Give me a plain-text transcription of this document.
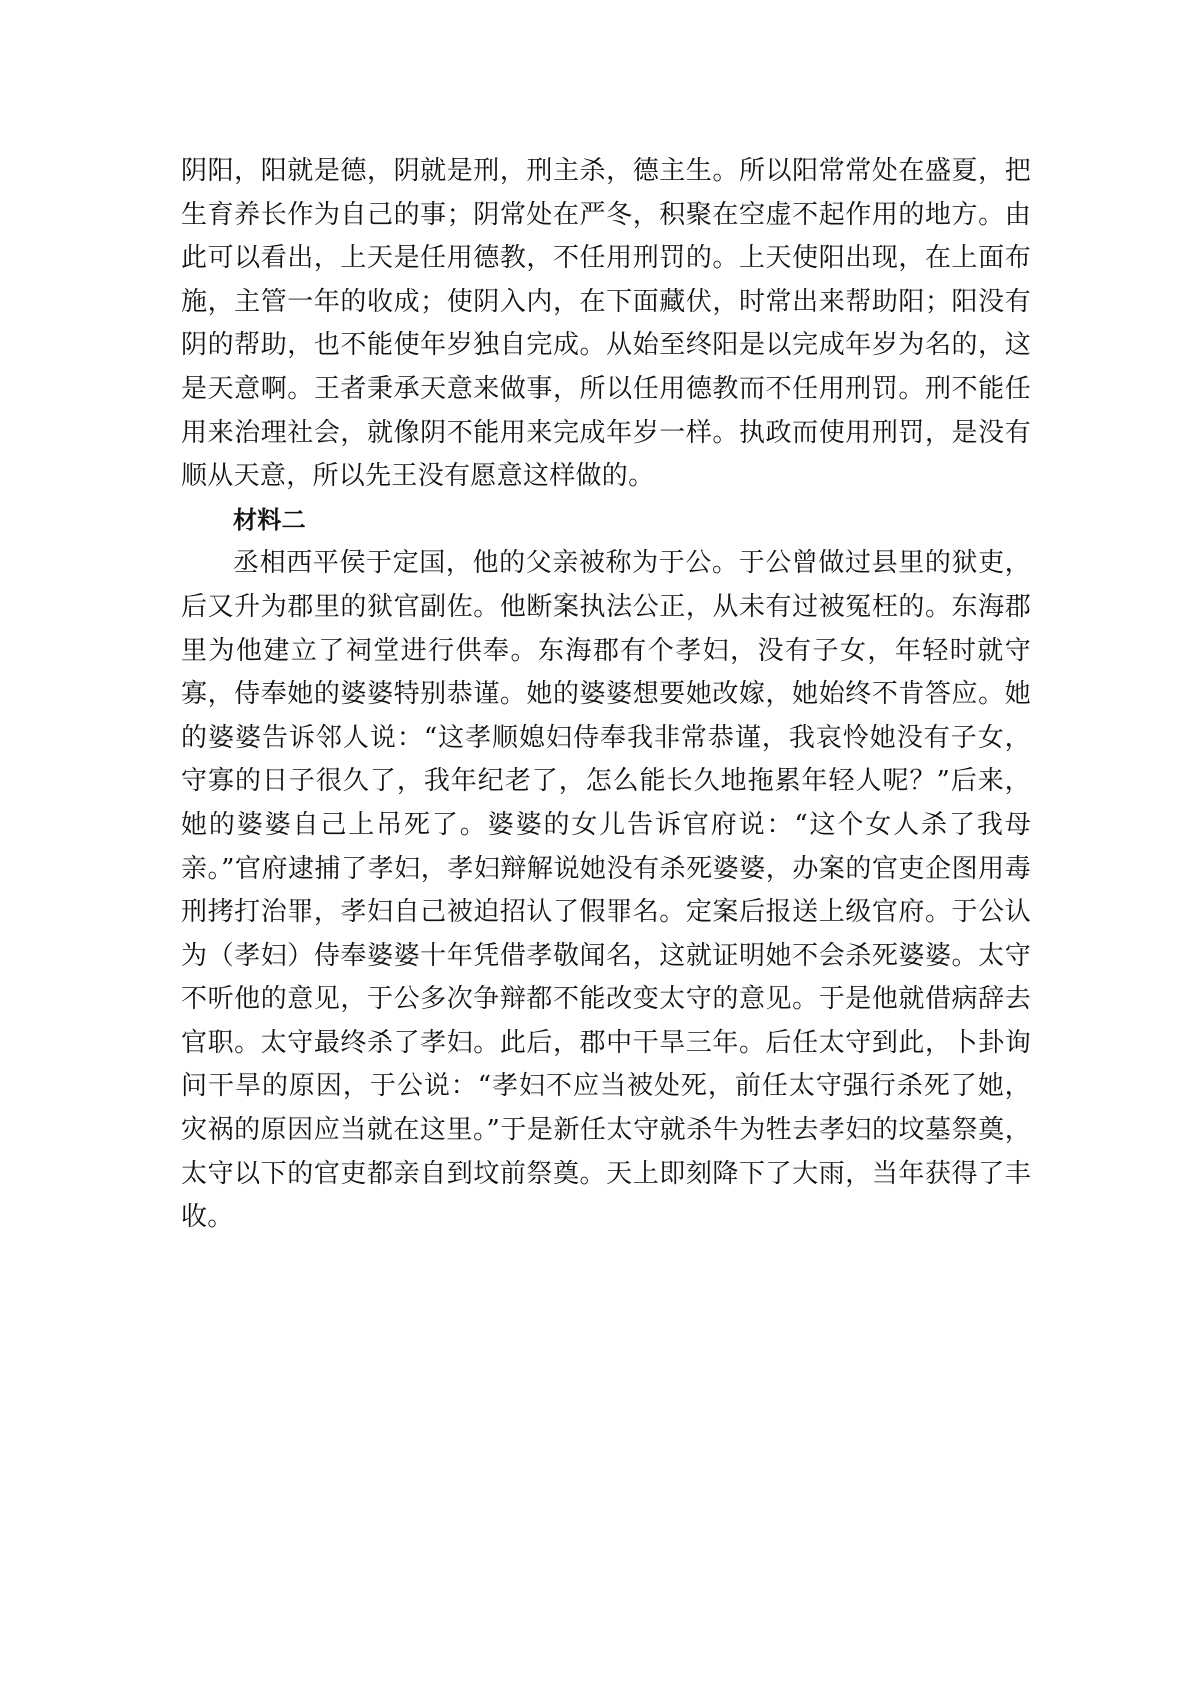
阴阳，阳就是德，阴就是刑，刑主杀，德主生。所以阳常常处在盛夏，把生育养长作为自己的事；阴常处在严冬，积聚在空虚不起作用的地方。由此可以看出，上天是任用德教，不任用刑罚的。上天使阳出现，在上面布施，主管一年的收成；使阴入内，在下面藏伏，时常出来帮助阳；阳没有阴的帮助，也不能使年岁独自完成。从始至终阳是以完成年岁为名的，这是天意啊。王者秉承天意来做事，所以任用德教而不任用刑罚。刑不能任用来治理社会，就像阴不能用来完成年岁一样。执政而使用刑罚，是没有顺从天意，所以先王没有愿意这样做的。

材料二

丞相西平侯于定国，他的父亲被称为于公。于公曾做过县里的狱吏，后又升为郡里的狱官副佐。他断案执法公正，从未有过被冤枉的。东海郡里为他建立了祠堂进行供奉。东海郡有个孝妇，没有子女，年轻时就守寡，侍奉她的婆婆特别恭谨。她的婆婆想要她改嫁，她始终不肯答应。她的婆婆告诉邻人说：“这孝顺媳妇侍奉我非常恭谨，我哀怜她没有子女，守寡的日子很久了，我年纪老了，怎么能长久地拖累年轻人呢？”后来，她的婆婆自己上吊死了。婆婆的女儿告诉官府说：“这个女人杀了我母亲。”官府逮捕了孝妇，孝妇辩解说她没有杀死婆婆，办案的官吏企图用毒刑拷打治罪，孝妇自己被迫招认了假罪名。定案后报送上级官府。于公认为（孝妇）侍奉婆婆十年凭借孝敬闻名，这就证明她不会杀死婆婆。太守不听他的意见，于公多次争辩都不能改变太守的意见。于是他就借病辞去官职。太守最终杀了孝妇。此后，郡中干旱三年。后任太守到此，卜卦询问干旱的原因，于公说：“孝妇不应当被处死，前任太守强行杀死了她，灾祸的原因应当就在这里。”于是新任太守就杀牛为牲去孝妇的坟墓祭奠，太守以下的官吏都亲自到坟前祭奠。天上即刻降下了大雨，当年获得了丰收。
